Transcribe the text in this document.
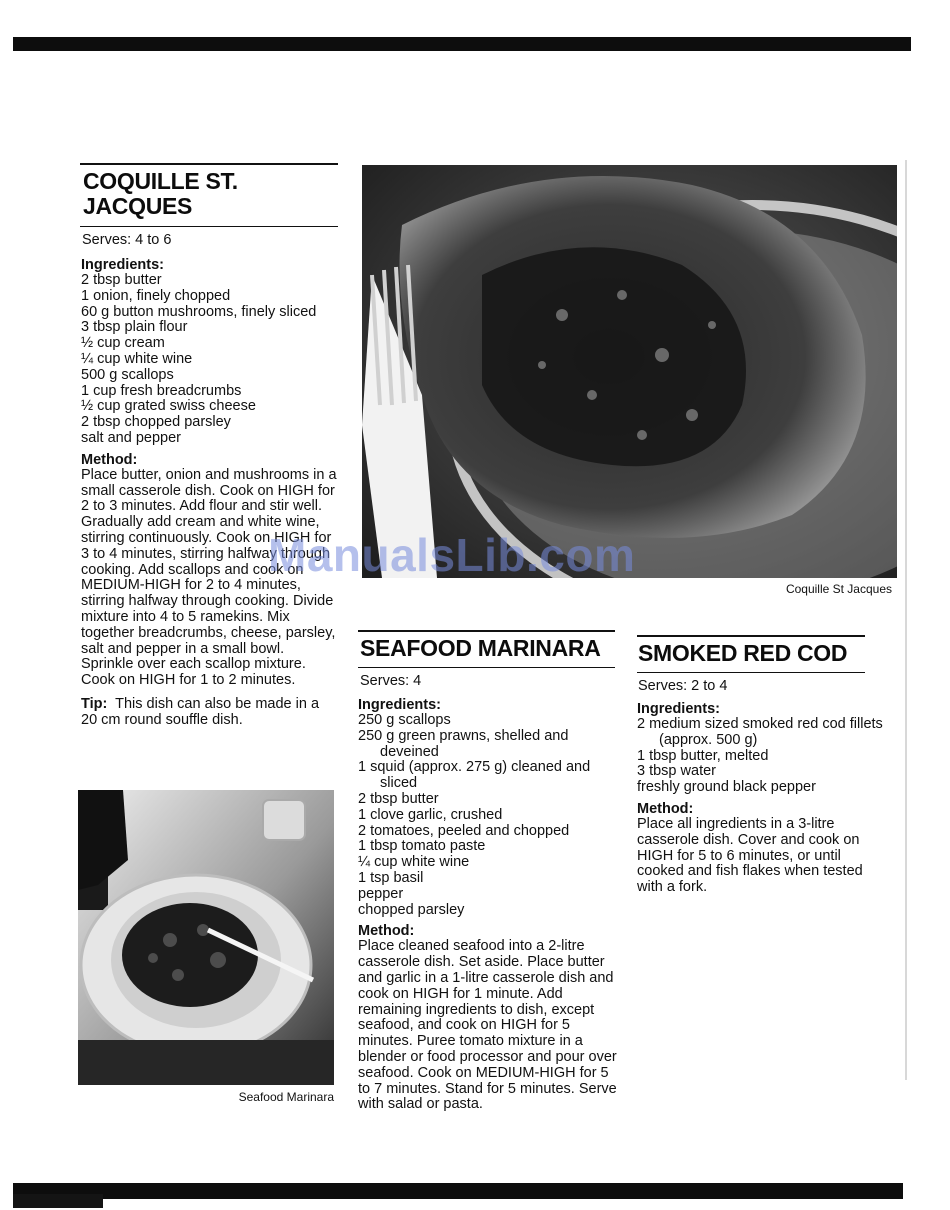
COQUILLE ST. JACQUES

Serves: 4 to 6

Ingredients:

2 tbsp butter
1 onion, finely chopped
60 g button mushrooms, finely sliced
3 tbsp plain flour
½ cup cream
¼ cup white wine
500 g scallops
1 cup fresh breadcrumbs
½ cup grated swiss cheese
2 tbsp chopped parsley
salt and pepper

Method:

Place butter, onion and mushrooms in a small casserole dish. Cook on HIGH for 2 to 3 minutes. Add flour and stir well. Gradually add cream and white wine, stirring continuously. Cook on HIGH for 3 to 4 minutes, stirring halfway through cooking. Add scallops and cook on MEDIUM-HIGH for 2 to 4 minutes, stirring halfway through cooking. Divide mixture into 4 to 5 ramekins. Mix together breadcrumbs, cheese, parsley, salt and pepper in a small bowl. Sprinkle over each scallop mixture. Cook on HIGH for 1 to 2 minutes.

Tip: This dish can also be made in a 20 cm round souffle dish.

Coquille St Jacques

SEAFOOD MARINARA

Serves: 4

Ingredients:

250 g scallops
250 g green prawns, shelled and deveined
1 squid (approx. 275 g) cleaned and sliced
2 tbsp butter
1 clove garlic, crushed
2 tomatoes, peeled and chopped
1 tbsp tomato paste
¼ cup white wine
1 tsp basil
pepper
chopped parsley

Method:

Place cleaned seafood into a 2-litre casserole dish. Set aside. Place butter and garlic in a 1-litre casserole dish and cook on HIGH for 1 minute. Add remaining ingredients to dish, except seafood, and cook on HIGH for 5 minutes. Puree tomato mixture in a blender or food processor and pour over seafood. Cook on MEDIUM-HIGH for 5 to 7 minutes. Stand for 5 minutes. Serve with salad or pasta.

SMOKED RED COD

Serves: 2 to 4

Ingredients:

2 medium sized smoked red cod fillets (approx. 500 g)
1 tbsp butter, melted
3 tbsp water
freshly ground black pepper

Method:

Place all ingredients in a 3-litre casserole dish. Cover and cook on HIGH for 5 to 6 minutes, or until cooked and fish flakes when tested with a fork.

Seafood Marinara

ManualsLib.com
